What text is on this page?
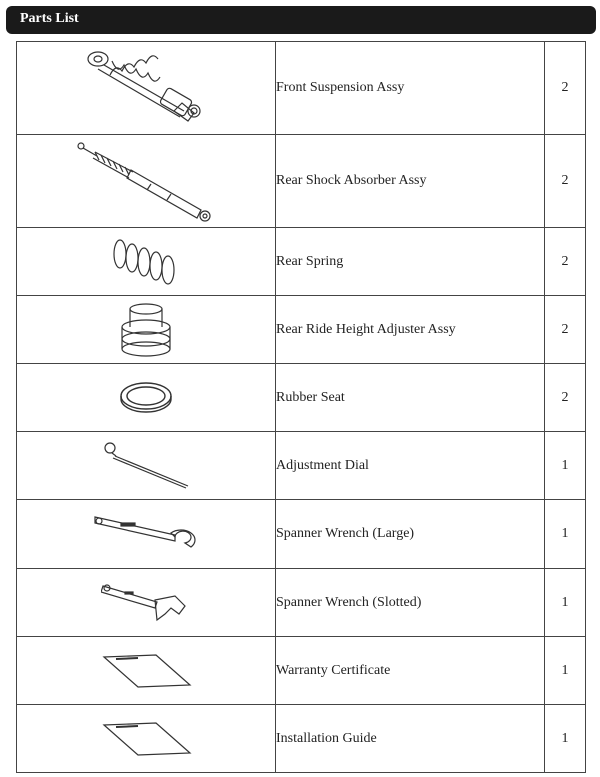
Parts List
	Front Suspension Assy	2

	Rear Shock Absorber Assy	2

	Rear Spring	2

	Rear Ride Height Adjuster Assy	2

	Rubber Seat	2

	Adjustment Dial	1

	Spanner Wrench (Large)	1

	Spanner Wrench (Slotted)	1

	Warranty Certificate	1

	Installation Guide	1
